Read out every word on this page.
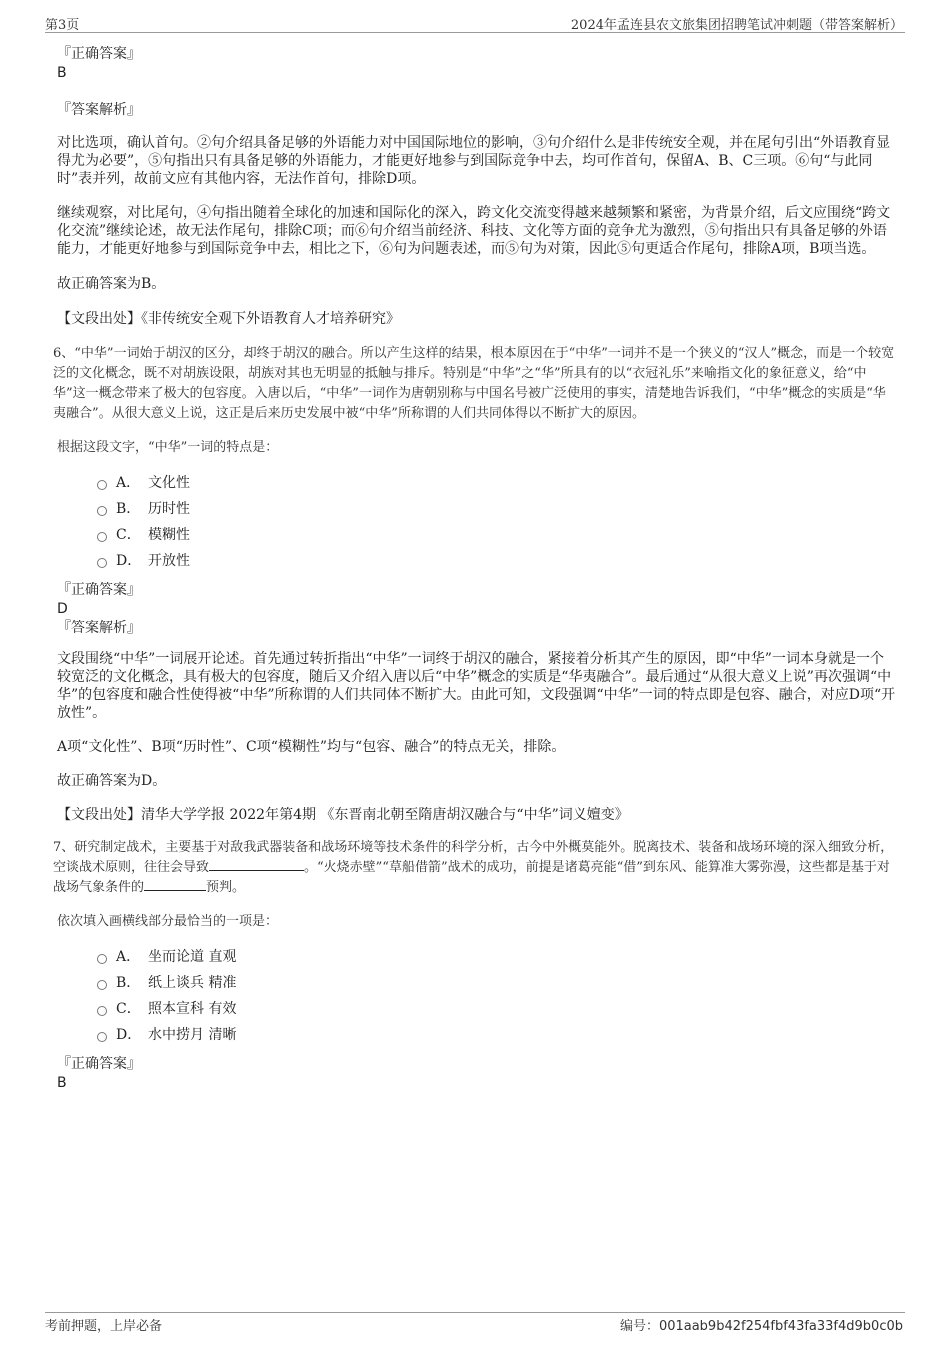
第3页	2024年孟连县农文旅集团招聘笔试冲刺题（带答案解析）
『正确答案』
B
『答案解析』
对比选项，确认首句。②句介绍具备足够的外语能力对中国国际地位的影响，③句介绍什么是非传统安全观，并在尾句引出“外语教育显得尤为必要”，⑤句指出只有具备足够的外语能力，才能更好地参与到国际竞争中去，均可作首句，保留A、B、C三项。⑥句“与此同时”表并列，故前文应有其他内容，无法作首句，排除D项。
继续观察，对比尾句，④句指出随着全球化的加速和国际化的深入，跨文化交流变得越来越频繁和紧密，为背景介绍，后文应围绕“跨文化交流”继续论述，故无法作尾句，排除C项；而⑥句介绍当前经济、科技、文化等方面的竞争尤为激烈，⑤句指出只有具备足够的外语能力，才能更好地参与到国际竞争中去，相比之下，⑥句为问题表述，而⑤句为对策，因此⑤句更适合作尾句，排除A项，B项当选。
故正确答案为B。
【文段出处】《非传统安全观下外语教育人才培养研究》
6、“中华”一词始于胡汉的区分，却终于胡汉的融合。所以产生这样的结果，根本原因在于“中华”一词并不是一个狭义的“汉人”概念，而是一个较宽泛的文化概念，既不对胡族设限，胡族对其也无明显的抵触与排斥。特别是“中华”之“华”所具有的以“衣冠礼乐”来喻指文化的象征意义，给“中华”这一概念带来了极大的包容度。入唐以后，“中华”一词作为唐朝别称与中国名号被广泛使用的事实，清楚地告诉我们，“中华”概念的实质是“华夷融合”。从很大意义上说，这正是后来历史发展中被“中华”所称谓的人们共同体得以不断扩大的原因。
根据这段文字，“中华”一词的特点是：
A． 文化性
B． 历时性
C． 模糊性
D． 开放性
『正确答案』
D
『答案解析』
文段围绕“中华”一词展开论述。首先通过转折指出“中华”一词终于胡汉的融合，紧接着分析其产生的原因，即“中华”一词本身就是一个较宽泛的文化概念，具有极大的包容度，随后又介绍入唐以后“中华”概念的实质是“华夷融合”。最后通过“从很大意义上说”再次强调“中华”的包容度和融合性使得被“中华”所称谓的人们共同体不断扩大。由此可知，文段强调“中华”一词的特点即是包容、融合，对应D项“开放性”。
A项“文化性”、B项“历时性”、C项“模糊性”均与“包容、融合”的特点无关，排除。
故正确答案为D。
【文段出处】清华大学学报 2022年第4期 《东晋南北朝至隋唐胡汉融合与“中华”词义嬗变》
7、研究制定战术，主要基于对敌我武器装备和战场环境等技术条件的科学分析，古今中外概莫能外。脱离技术、装备和战场环境的深入细致分析，空谈战术原则，往往会导致	。“火烧赤壁”“草船借箭”战术的成功，前提是诸葛亮能“借”到东风、能算准大雾弥漫，这些都是基于对战场气象条件的	预判。
依次填入画横线部分最恰当的一项是：
A． 坐而论道 直观
B． 纸上谈兵 精准
C． 照本宣科 有效
D． 水中捞月 清晰
『正确答案』
B
考前押题，上岸必备	编号：001aab9b42f254fbf43fa33f4d9b0c0b
